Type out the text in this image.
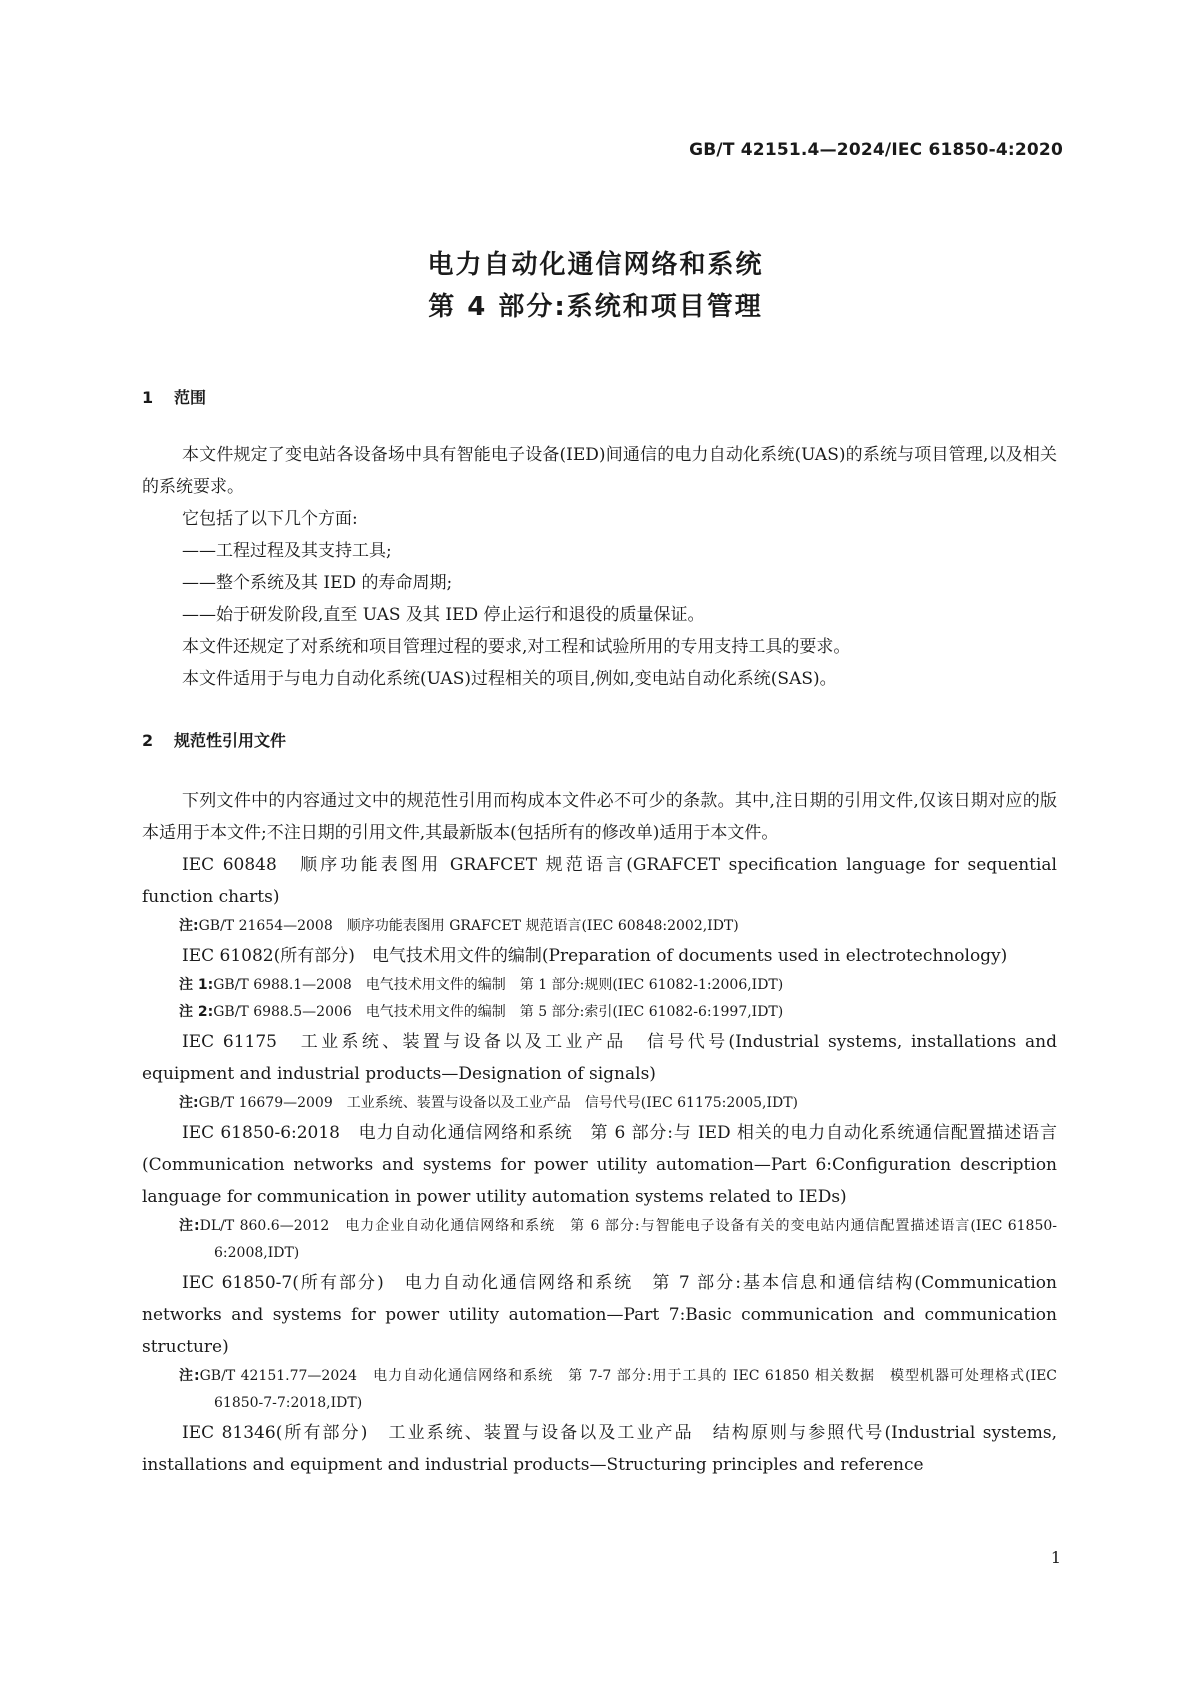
GB/T 42151.4—2024/IEC 61850-4:2020
电力自动化通信网络和系统
第 4 部分:系统和项目管理
1 范围

本文件规定了变电站各设备场中具有智能电子设备(IED)间通信的电力自动化系统(UAS)的系统与项目管理,以及相关的系统要求。

它包括了以下几个方面:

——工程过程及其支持工具;

——整个系统及其 IED 的寿命周期;

——始于研发阶段,直至 UAS 及其 IED 停止运行和退役的质量保证。

本文件还规定了对系统和项目管理过程的要求,对工程和试验所用的专用支持工具的要求。

本文件适用于与电力自动化系统(UAS)过程相关的项目,例如,变电站自动化系统(SAS)。

2 规范性引用文件

下列文件中的内容通过文中的规范性引用而构成本文件必不可少的条款。其中,注日期的引用文件,仅该日期对应的版本适用于本文件;不注日期的引用文件,其最新版本(包括所有的修改单)适用于本文件。

IEC 60848　顺序功能表图用 GRAFCET 规范语言(GRAFCET specification language for sequential function charts)

注:GB/T 21654—2008　顺序功能表图用 GRAFCET 规范语言(IEC 60848:2002,IDT)

IEC 61082(所有部分)　电气技术用文件的编制(Preparation of documents used in electrotechnology)

注 1:GB/T 6988.1—2008　电气技术用文件的编制　第 1 部分:规则(IEC 61082-1:2006,IDT)

注 2:GB/T 6988.5—2006　电气技术用文件的编制　第 5 部分:索引(IEC 61082-6:1997,IDT)

IEC 61175　工业系统、装置与设备以及工业产品　信号代号(Industrial systems, installations and equipment and industrial products—Designation of signals)

注:GB/T 16679—2009　工业系统、装置与设备以及工业产品　信号代号(IEC 61175:2005,IDT)

IEC 61850-6:2018　电力自动化通信网络和系统　第 6 部分:与 IED 相关的电力自动化系统通信配置描述语言(Communication networks and systems for power utility automation—Part 6:Configuration description language for communication in power utility automation systems related to IEDs)

注:DL/T 860.6—2012　电力企业自动化通信网络和系统　第 6 部分:与智能电子设备有关的变电站内通信配置描述语言(IEC 61850-6:2008,IDT)

IEC 61850-7(所有部分)　电力自动化通信网络和系统　第 7 部分:基本信息和通信结构(Communication networks and systems for power utility automation—Part 7:Basic communication and communication structure)

注:GB/T 42151.77—2024　电力自动化通信网络和系统　第 7-7 部分:用于工具的 IEC 61850 相关数据　模型机器可处理格式(IEC 61850-7-7:2018,IDT)

IEC 81346(所有部分)　工业系统、装置与设备以及工业产品　结构原则与参照代号(Industrial systems, installations and equipment and industrial products—Structuring principles and reference

1
